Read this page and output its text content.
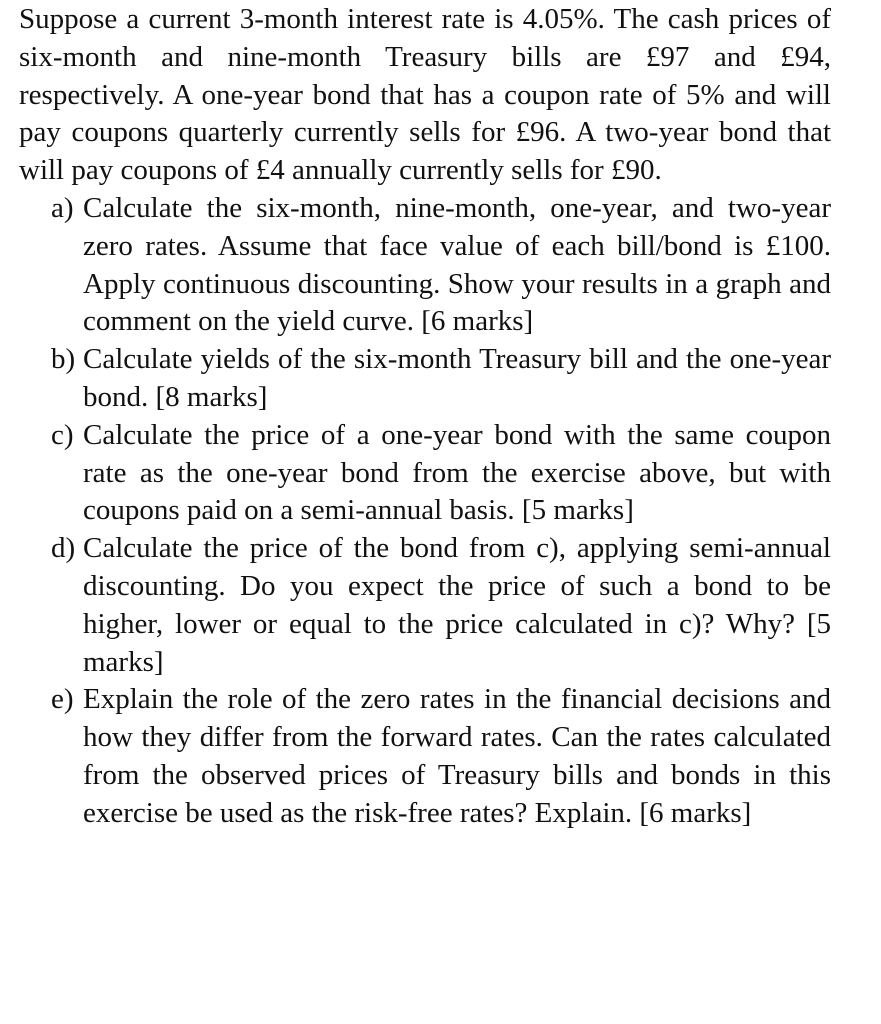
Suppose a current 3-month interest rate is 4.05%. The cash prices of six-month and nine-month Treasury bills are £97 and £94, respectively. A one-year bond that has a coupon rate of 5% and will pay coupons quarterly currently sells for £96. A two-year bond that will pay coupons of £4 annually currently sells for £90.

a) Calculate the six-month, nine-month, one-year, and two-year zero rates. Assume that face value of each bill/bond is £100. Apply continuous discounting. Show your results in a graph and comment on the yield curve. [6 marks]
b) Calculate yields of the six-month Treasury bill and the one-year bond. [8 marks]
c) Calculate the price of a one-year bond with the same coupon rate as the one-year bond from the exercise above, but with coupons paid on a semi-annual basis. [5 marks]
d) Calculate the price of the bond from c), applying semi-annual discounting. Do you expect the price of such a bond to be higher, lower or equal to the price calculated in c)? Why? [5 marks]
e) Explain the role of the zero rates in the financial decisions and how they differ from the forward rates. Can the rates calculated from the observed prices of Treasury bills and bonds in this exercise be used as the risk-free rates? Explain. [6 marks]
